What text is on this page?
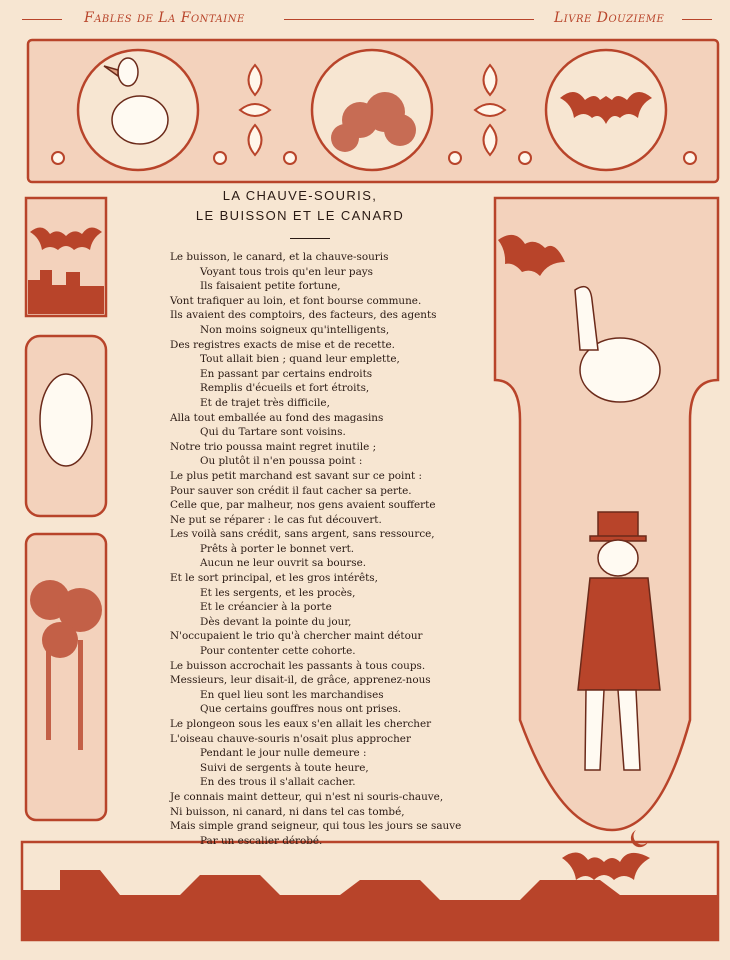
Fables de La Fontaine	Livre Douzieme
LA CHAUVE-SOURIS,
LE BUISSON ET LE CANARD
Le buisson, le canard, et la chauve-souris
Voyant tous trois qu'en leur pays
Ils faisaient petite fortune,
Vont trafiquer au loin, et font bourse commune.
Ils avaient des comptoirs, des facteurs, des agents
Non moins soigneux qu'intelligents,
Des registres exacts de mise et de recette.
Tout allait bien ; quand leur emplette,
En passant par certains endroits
Remplis d'écueils et fort étroits,
Et de trajet très difficile,
Alla tout emballée au fond des magasins
Qui du Tartare sont voisins.
Notre trio poussa maint regret inutile ;
Ou plutôt il n'en poussa point :
Le plus petit marchand est savant sur ce point :
Pour sauver son crédit il faut cacher sa perte.
Celle que, par malheur, nos gens avaient soufferte
Ne put se réparer : le cas fut découvert.
Les voilà sans crédit, sans argent, sans ressource,
Prêts à porter le bonnet vert.
Aucun ne leur ouvrit sa bourse.
Et le sort principal, et les gros intérêts,
Et les sergents, et les procès,
Et le créancier à la porte
Dès devant la pointe du jour,
N'occupaient le trio qu'à chercher maint détour
Pour contenter cette cohorte.
Le buisson accrochait les passants à tous coups.
Messieurs, leur disait-il, de grâce, apprenez-nous
En quel lieu sont les marchandises
Que certains gouffres nous ont prises.
Le plongeon sous les eaux s'en allait les chercher
L'oiseau chauve-souris n'osait plus approcher
Pendant le jour nulle demeure :
Suivi de sergents à toute heure,
En des trous il s'allait cacher.
Je connais maint detteur, qui n'est ni souris-chauve,
Ni buisson, ni canard, ni dans tel cas tombé,
Mais simple grand seigneur, qui tous les jours se sauve
Par un escalier dérobé.
